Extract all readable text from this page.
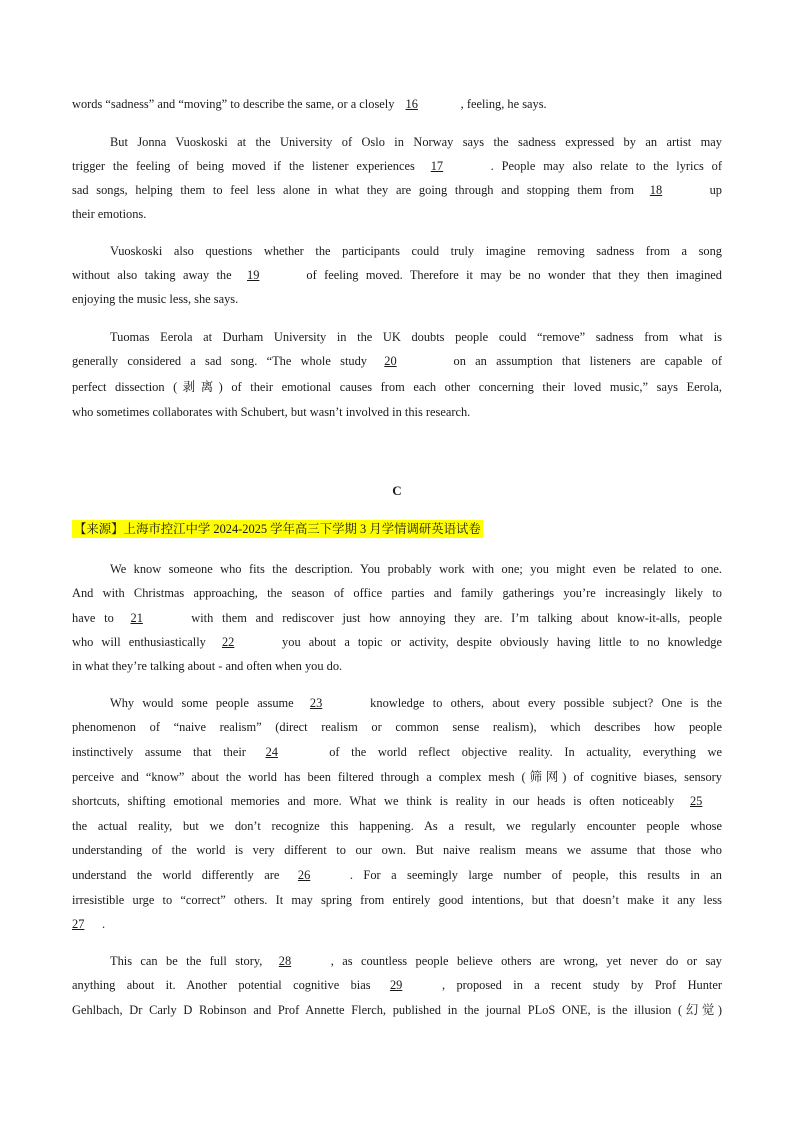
words “sadness” and “moving” to describe the same, or a closely 16	, feeling, he says.
But Jonna Vuoskoski at the University of Oslo in Norway says the sadness expressed by an artist may
trigger the feeling of being moved if the listener experiences 17	. People may also relate to the lyrics of
sad songs, helping them to feel less alone in what they are going through and stopping them from 18	up
their emotions.
Vuoskoski also questions whether the participants could truly imagine removing sadness from a song
without also taking away the 19	of feeling moved. Therefore it may be no wonder that they then imagined
enjoying the music less, she says.
Tuomas Eerola at Durham University in the UK doubts people could “remove” sadness from what is
generally considered a sad song. “The whole study 20	on an assumption that listeners are capable of
perfect dissection (剥离) of their emotional causes from each other concerning their loved music,” says Eerola,
who sometimes collaborates with Schubert, but wasn’t involved in this research.
C
【来源】上海市控江中学 2024-2025 学年高三下学期 3 月学情调研英语试卷
We know someone who fits the description. You probably work with one; you might even be related to one.
And with Christmas approaching, the season of office parties and family gatherings you’re increasingly likely to
have to 21	with them and rediscover just how annoying they are. I’m talking about know-it-alls, people
who will enthusiastically 22	you about a topic or activity, despite obviously having little to no knowledge
in what they’re talking about - and often when you do.
Why would some people assume 23	knowledge to others, about every possible subject? One is the
phenomenon of “naive realism” (direct realism or common sense realism), which describes how people
instinctively assume that their 24	of the world reflect objective reality. In actuality, everything we
perceive and “know” about the world has been filtered through a complex mesh (筛网) of cognitive biases, sensory
shortcuts, shifting emotional memories and more. What we think is reality in our heads is often noticeably 25
the actual reality, but we don’t recognize this happening. As a result, we regularly encounter people whose
understanding of the world is very different to our own. But naive realism means we assume that those who
understand the world differently are 26	. For a seemingly large number of people, this results in an
irresistible urge to “correct” others. It may spring from entirely good intentions, but that doesn’t make it any less
27 .
This can be the full story, 28	, as countless people believe others are wrong, yet never do or say
anything about it. Another potential cognitive bias 29	, proposed in a recent study by Prof Hunter
Gehlbach, Dr Carly D Robinson and Prof Annette Flerch, published in the journal PLoS ONE, is the illusion (幻觉)
